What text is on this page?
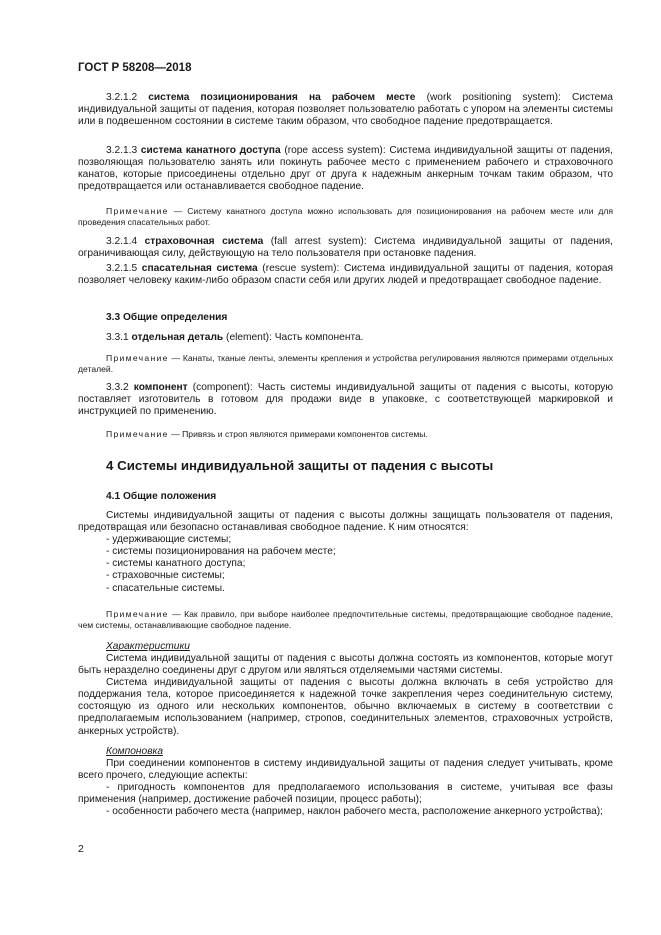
ГОСТ Р 58208—2018

3.2.1.2 система позиционирования на рабочем месте (work positioning system): Система индивидуальной защиты от падения, которая позволяет пользователю работать с упором на элементы системы или в подвешенном состоянии в системе таким образом, что свободное падение предотвращается.

3.2.1.3 система канатного доступа (rope access system): Система индивидуальной защиты от падения, позволяющая пользователю занять или покинуть рабочее место с применением рабочего и страховочного канатов, которые присоединены отдельно друг от друга к надежным анкерным точкам таким образом, что предотвращается или останавливается свободное падение.

Примечание — Систему канатного доступа можно использовать для позиционирования на рабочем месте или для проведения спасательных работ.

3.2.1.4 страховочная система (fall arrest system): Система индивидуальной защиты от падения, ограничивающая силу, действующую на тело пользователя при остановке падения.

3.2.1.5 спасательная система (rescue system): Система индивидуальной защиты от падения, которая позволяет человеку каким-либо образом спасти себя или других людей и предотвращает свободное падение.

3.3 Общие определения

3.3.1 отдельная деталь (element): Часть компонента.

Примечание — Канаты, тканые ленты, элементы крепления и устройства регулирования являются примерами отдельных деталей.

3.3.2 компонент (component): Часть системы индивидуальной защиты от падения с высоты, которую поставляет изготовитель в готовом для продажи виде в упаковке, с соответствующей маркировкой и инструкцией по применению.

Примечание — Привязь и строп являются примерами компонентов системы.

4 Системы индивидуальной защиты от падения с высоты

4.1 Общие положения

Системы индивидуальной защиты от падения с высоты должны защищать пользователя от падения, предотвращая или безопасно останавливая свободное падение. К ним относятся:

- удерживающие системы;

- системы позиционирования на рабочем месте;

- системы канатного доступа;

- страховочные системы;

- спасательные системы.

Примечание — Как правило, при выборе наиболее предпочтительные системы, предотвращающие свободное падение, чем системы, останавливающие свободное падение.

Характеристики

Система индивидуальной защиты от падения с высоты должна состоять из компонентов, которые могут быть неразделно соединены друг с другом или являться отделяемыми частями системы.

Система индивидуальной защиты от падения с высоты должна включать в себя устройство для поддержания тела, которое присоединяется к надежной точке закрепления через соединительную систему, состоящую из одного или нескольких компонентов, обычно включаемых в систему в соответствии с предполагаемым использованием (например, стропов, соединительных элементов, страховочных устройств, анкерных устройств).

Компоновка

При соединении компонентов в систему индивидуальной защиты от падения следует учитывать, кроме всего прочего, следующие аспекты:

- пригодность компонентов для предполагаемого использования в системе, учитывая все фазы применения (например, достижение рабочей позиции, процесс работы);

- особенности рабочего места (например, наклон рабочего места, расположение анкерного устройства);

2
